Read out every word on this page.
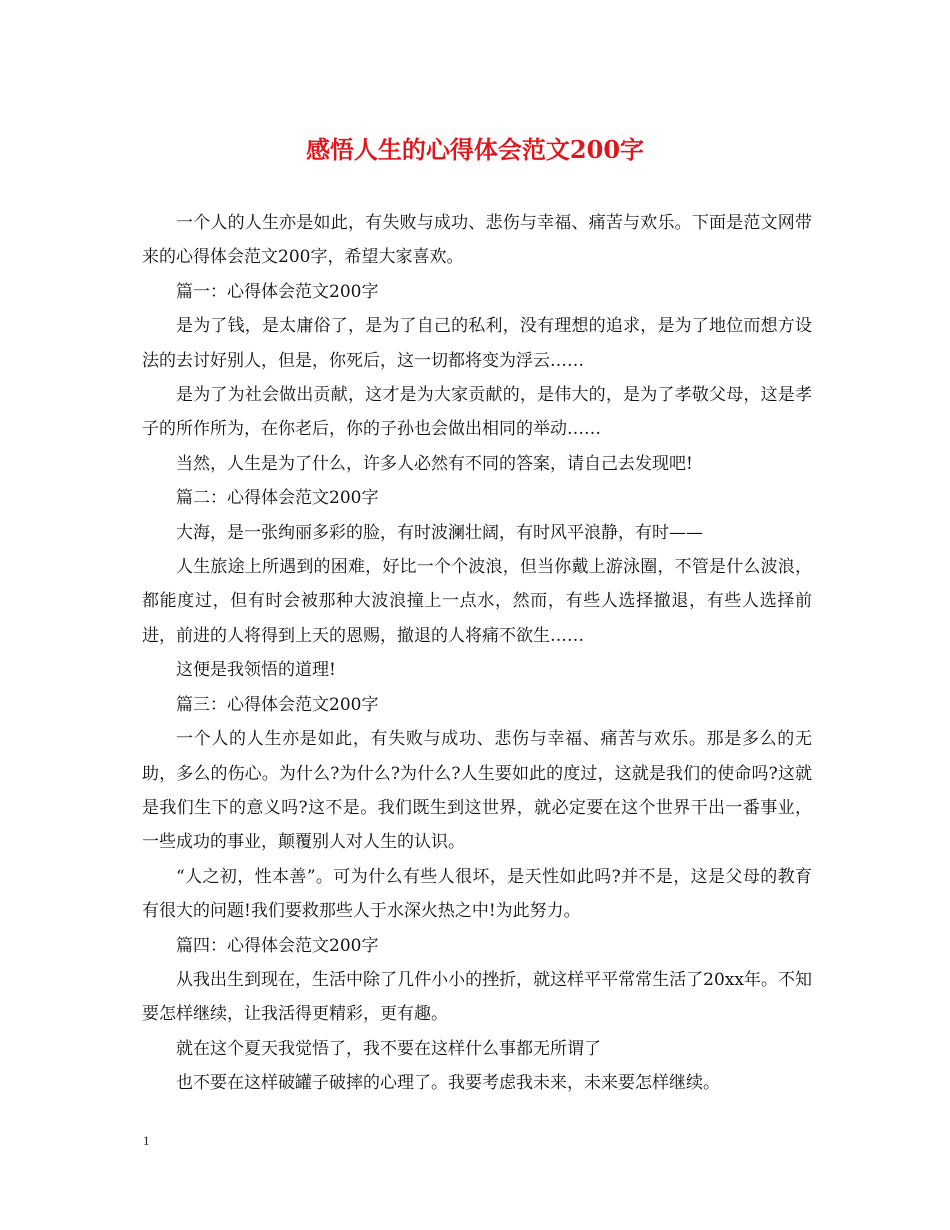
感悟人生的心得体会范文200字

一个人的人生亦是如此，有失败与成功、悲伤与幸福、痛苦与欢乐。下面是范文网带来的心得体会范文200字，希望大家喜欢。

篇一：心得体会范文200字

是为了钱，是太庸俗了，是为了自己的私利，没有理想的追求，是为了地位而想方设法的去讨好别人，但是，你死后，这一切都将变为浮云……

是为了为社会做出贡献，这才是为大家贡献的，是伟大的，是为了孝敬父母，这是孝子的所作所为，在你老后，你的子孙也会做出相同的举动……

当然，人生是为了什么，许多人必然有不同的答案，请自己去发现吧!

篇二：心得体会范文200字

大海，是一张绚丽多彩的脸，有时波澜壮阔，有时风平浪静，有时——

人生旅途上所遇到的困难，好比一个个波浪，但当你戴上游泳圈，不管是什么波浪，都能度过，但有时会被那种大波浪撞上一点水，然而，有些人选择撤退，有些人选择前进，前进的人将得到上天的恩赐，撤退的人将痛不欲生……

这便是我领悟的道理!

篇三：心得体会范文200字

一个人的人生亦是如此，有失败与成功、悲伤与幸福、痛苦与欢乐。那是多么的无助，多么的伤心。为什么?为什么?为什么?人生要如此的度过，这就是我们的使命吗?这就是我们生下的意义吗?这不是。我们既生到这世界，就必定要在这个世界干出一番事业，一些成功的事业，颠覆别人对人生的认识。

“人之初，性本善”。可为什么有些人很坏，是天性如此吗?并不是，这是父母的教育有很大的问题!我们要救那些人于水深火热之中!为此努力。

篇四：心得体会范文200字

从我出生到现在，生活中除了几件小小的挫折，就这样平平常常生活了20xx年。不知要怎样继续，让我活得更精彩，更有趣。

就在这个夏天我觉悟了，我不要在这样什么事都无所谓了

也不要在这样破罐子破摔的心理了。我要考虑我未来，未来要怎样继续。

1
